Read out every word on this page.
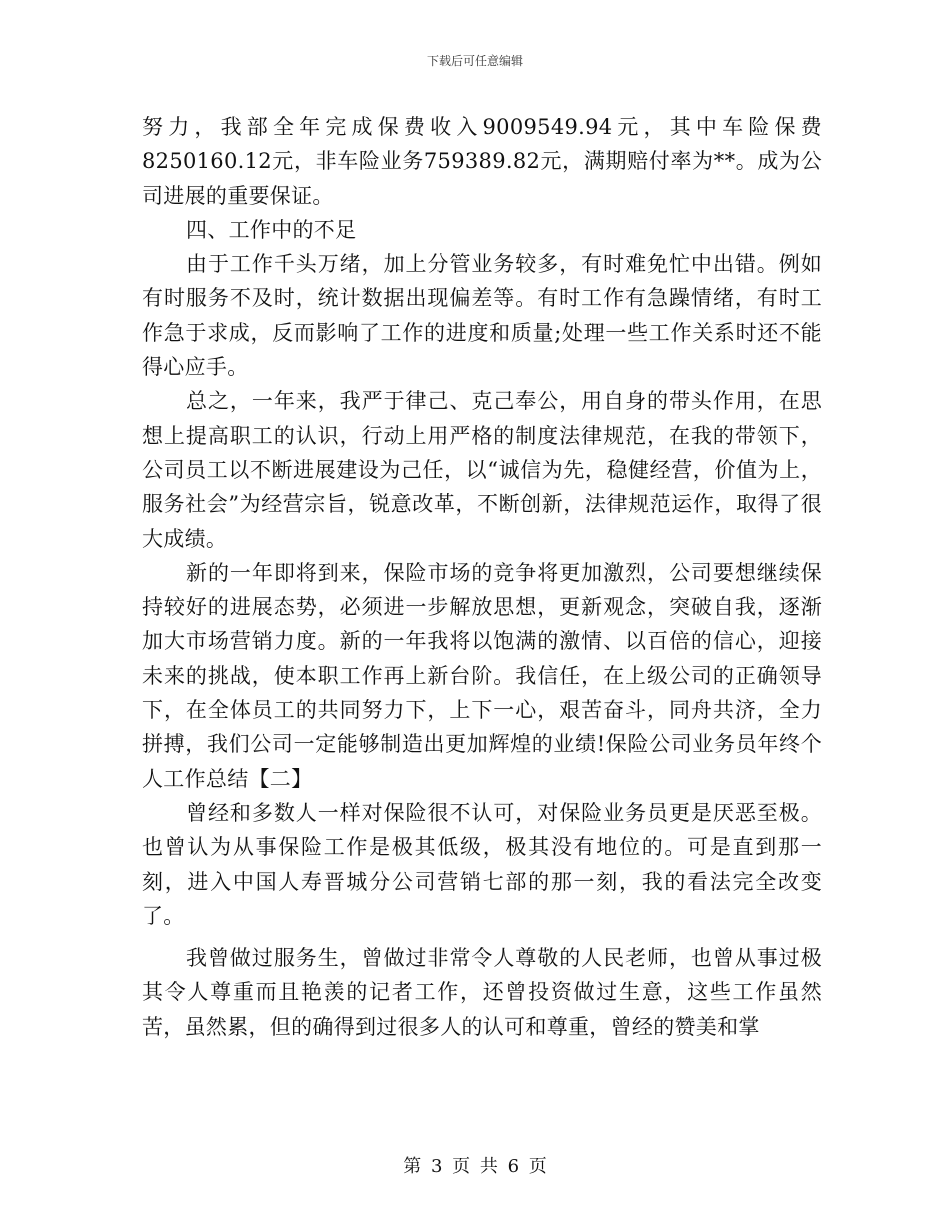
下载后可任意编辑

努力，我部全年完成保费收入9009549.94元，其中车险保费8250160.12元，非车险业务759389.82元，满期赔付率为**。成为公司进展的重要保证。

四、工作中的不足

由于工作千头万绪，加上分管业务较多，有时难免忙中出错。例如有时服务不及时，统计数据出现偏差等。有时工作有急躁情绪，有时工作急于求成，反而影响了工作的进度和质量;处理一些工作关系时还不能得心应手。

总之，一年来，我严于律己、克己奉公，用自身的带头作用，在思想上提高职工的认识，行动上用严格的制度法律规范，在我的带领下，公司员工以不断进展建设为己任，以“诚信为先，稳健经营，价值为上，服务社会”为经营宗旨，锐意改革，不断创新，法律规范运作，取得了很大成绩。

新的一年即将到来，保险市场的竞争将更加激烈，公司要想继续保持较好的进展态势，必须进一步解放思想，更新观念，突破自我，逐渐加大市场营销力度。新的一年我将以饱满的激情、以百倍的信心，迎接未来的挑战，使本职工作再上新台阶。我信任，在上级公司的正确领导下，在全体员工的共同努力下，上下一心，艰苦奋斗，同舟共济，全力拼搏，我们公司一定能够制造出更加辉煌的业绩!保险公司业务员年终个人工作总结【二】

曾经和多数人一样对保险很不认可，对保险业务员更是厌恶至极。也曾认为从事保险工作是极其低级，极其没有地位的。可是直到那一刻，进入中国人寿晋城分公司营销七部的那一刻，我的看法完全改变了。

我曾做过服务生，曾做过非常令人尊敬的人民老师，也曾从事过极其令人尊重而且艳羡的记者工作，还曾投资做过生意，这些工作虽然苦，虽然累，但的确得到过很多人的认可和尊重，曾经的赞美和掌

第 3 页 共 6 页
